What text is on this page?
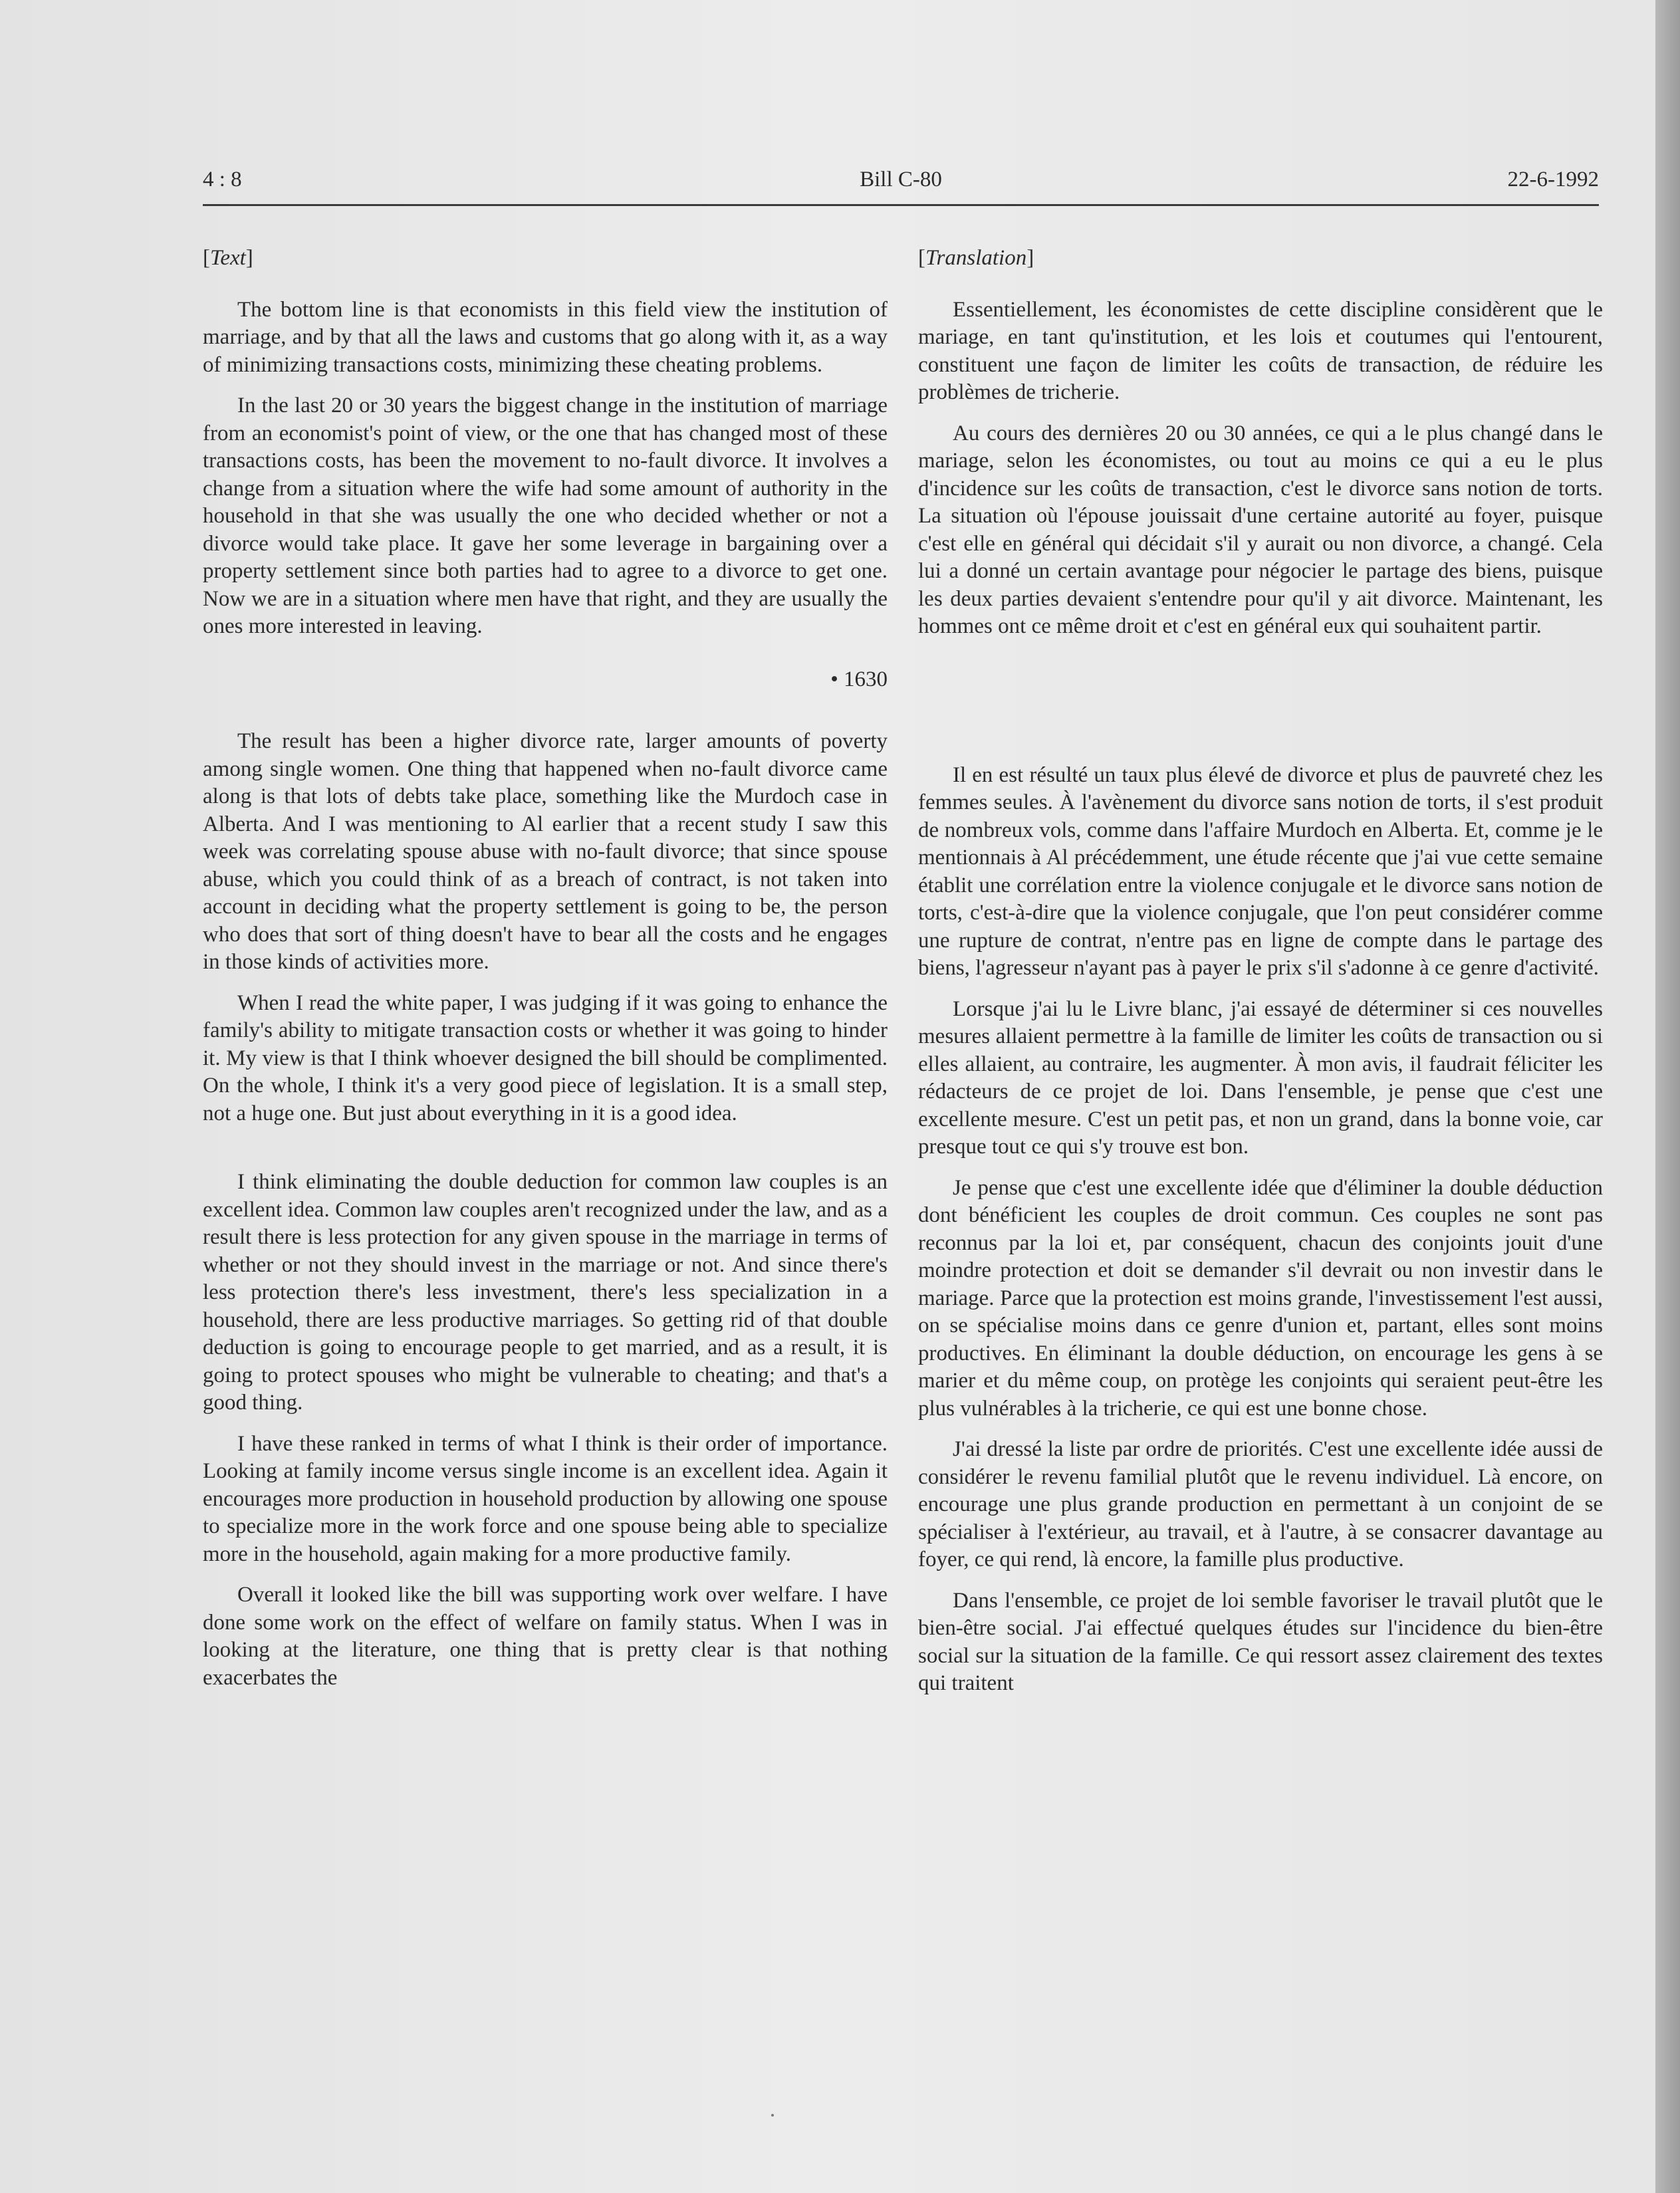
Bill C-80
4 : 8	22-6-1992
[Text]

The bottom line is that economists in this field view the institution of marriage, and by that all the laws and customs that go along with it, as a way of minimizing transactions costs, minimizing these cheating problems.

In the last 20 or 30 years the biggest change in the institution of marriage from an economist's point of view, or the one that has changed most of these transactions costs, has been the movement to no-fault divorce. It involves a change from a situation where the wife had some amount of authority in the household in that she was usually the one who decided whether or not a divorce would take place. It gave her some leverage in bargaining over a property settlement since both parties had to agree to a divorce to get one. Now we are in a situation where men have that right, and they are usually the ones more interested in leaving.

• 1630

The result has been a higher divorce rate, larger amounts of poverty among single women. One thing that happened when no-fault divorce came along is that lots of debts take place, something like the Murdoch case in Alberta. And I was mentioning to Al earlier that a recent study I saw this week was correlating spouse abuse with no-fault divorce; that since spouse abuse, which you could think of as a breach of contract, is not taken into account in deciding what the property settlement is going to be, the person who does that sort of thing doesn't have to bear all the costs and he engages in those kinds of activities more.

When I read the white paper, I was judging if it was going to enhance the family's ability to mitigate transaction costs or whether it was going to hinder it. My view is that I think whoever designed the bill should be complimented. On the whole, I think it's a very good piece of legislation. It is a small step, not a huge one. But just about everything in it is a good idea.

I think eliminating the double deduction for common law couples is an excellent idea. Common law couples aren't recognized under the law, and as a result there is less protection for any given spouse in the marriage in terms of whether or not they should invest in the marriage or not. And since there's less protection there's less investment, there's less specialization in a household, there are less productive marriages. So getting rid of that double deduction is going to encourage people to get married, and as a result, it is going to protect spouses who might be vulnerable to cheating; and that's a good thing.

I have these ranked in terms of what I think is their order of importance. Looking at family income versus single income is an excellent idea. Again it encourages more production in household production by allowing one spouse to specialize more in the work force and one spouse being able to specialize more in the household, again making for a more productive family.

Overall it looked like the bill was supporting work over welfare. I have done some work on the effect of welfare on family status. When I was in looking at the literature, one thing that is pretty clear is that nothing exacerbates the

[Translation]

Essentiellement, les économistes de cette discipline considèrent que le mariage, en tant qu'institution, et les lois et coutumes qui l'entourent, constituent une façon de limiter les coûts de transaction, de réduire les problèmes de tricherie.

Au cours des dernières 20 ou 30 années, ce qui a le plus changé dans le mariage, selon les économistes, ou tout au moins ce qui a eu le plus d'incidence sur les coûts de transaction, c'est le divorce sans notion de torts. La situation où l'épouse jouissait d'une certaine autorité au foyer, puisque c'est elle en général qui décidait s'il y aurait ou non divorce, a changé. Cela lui a donné un certain avantage pour négocier le partage des biens, puisque les deux parties devaient s'entendre pour qu'il y ait divorce. Maintenant, les hommes ont ce même droit et c'est en général eux qui souhaitent partir.

Il en est résulté un taux plus élevé de divorce et plus de pauvreté chez les femmes seules. À l'avènement du divorce sans notion de torts, il s'est produit de nombreux vols, comme dans l'affaire Murdoch en Alberta. Et, comme je le mentionnais à Al précédemment, une étude récente que j'ai vue cette semaine établit une corrélation entre la violence conjugale et le divorce sans notion de torts, c'est-à-dire que la violence conjugale, que l'on peut considérer comme une rupture de contrat, n'entre pas en ligne de compte dans le partage des biens, l'agresseur n'ayant pas à payer le prix s'il s'adonne à ce genre d'activité.

Lorsque j'ai lu le Livre blanc, j'ai essayé de déterminer si ces nouvelles mesures allaient permettre à la famille de limiter les coûts de transaction ou si elles allaient, au contraire, les augmenter. À mon avis, il faudrait féliciter les rédacteurs de ce projet de loi. Dans l'ensemble, je pense que c'est une excellente mesure. C'est un petit pas, et non un grand, dans la bonne voie, car presque tout ce qui s'y trouve est bon.

Je pense que c'est une excellente idée que d'éliminer la double déduction dont bénéficient les couples de droit commun. Ces couples ne sont pas reconnus par la loi et, par conséquent, chacun des conjoints jouit d'une moindre protection et doit se demander s'il devrait ou non investir dans le mariage. Parce que la protection est moins grande, l'investissement l'est aussi, on se spécialise moins dans ce genre d'union et, partant, elles sont moins productives. En éliminant la double déduction, on encourage les gens à se marier et du même coup, on protège les conjoints qui seraient peut-être les plus vulnérables à la tricherie, ce qui est une bonne chose.

J'ai dressé la liste par ordre de priorités. C'est une excellente idée aussi de considérer le revenu familial plutôt que le revenu individuel. Là encore, on encourage une plus grande production en permettant à un conjoint de se spécialiser à l'extérieur, au travail, et à l'autre, à se consacrer davantage au foyer, ce qui rend, là encore, la famille plus productive.

Dans l'ensemble, ce projet de loi semble favoriser le travail plutôt que le bien-être social. J'ai effectué quelques études sur l'incidence du bien-être social sur la situation de la famille. Ce qui ressort assez clairement des textes qui traitent
